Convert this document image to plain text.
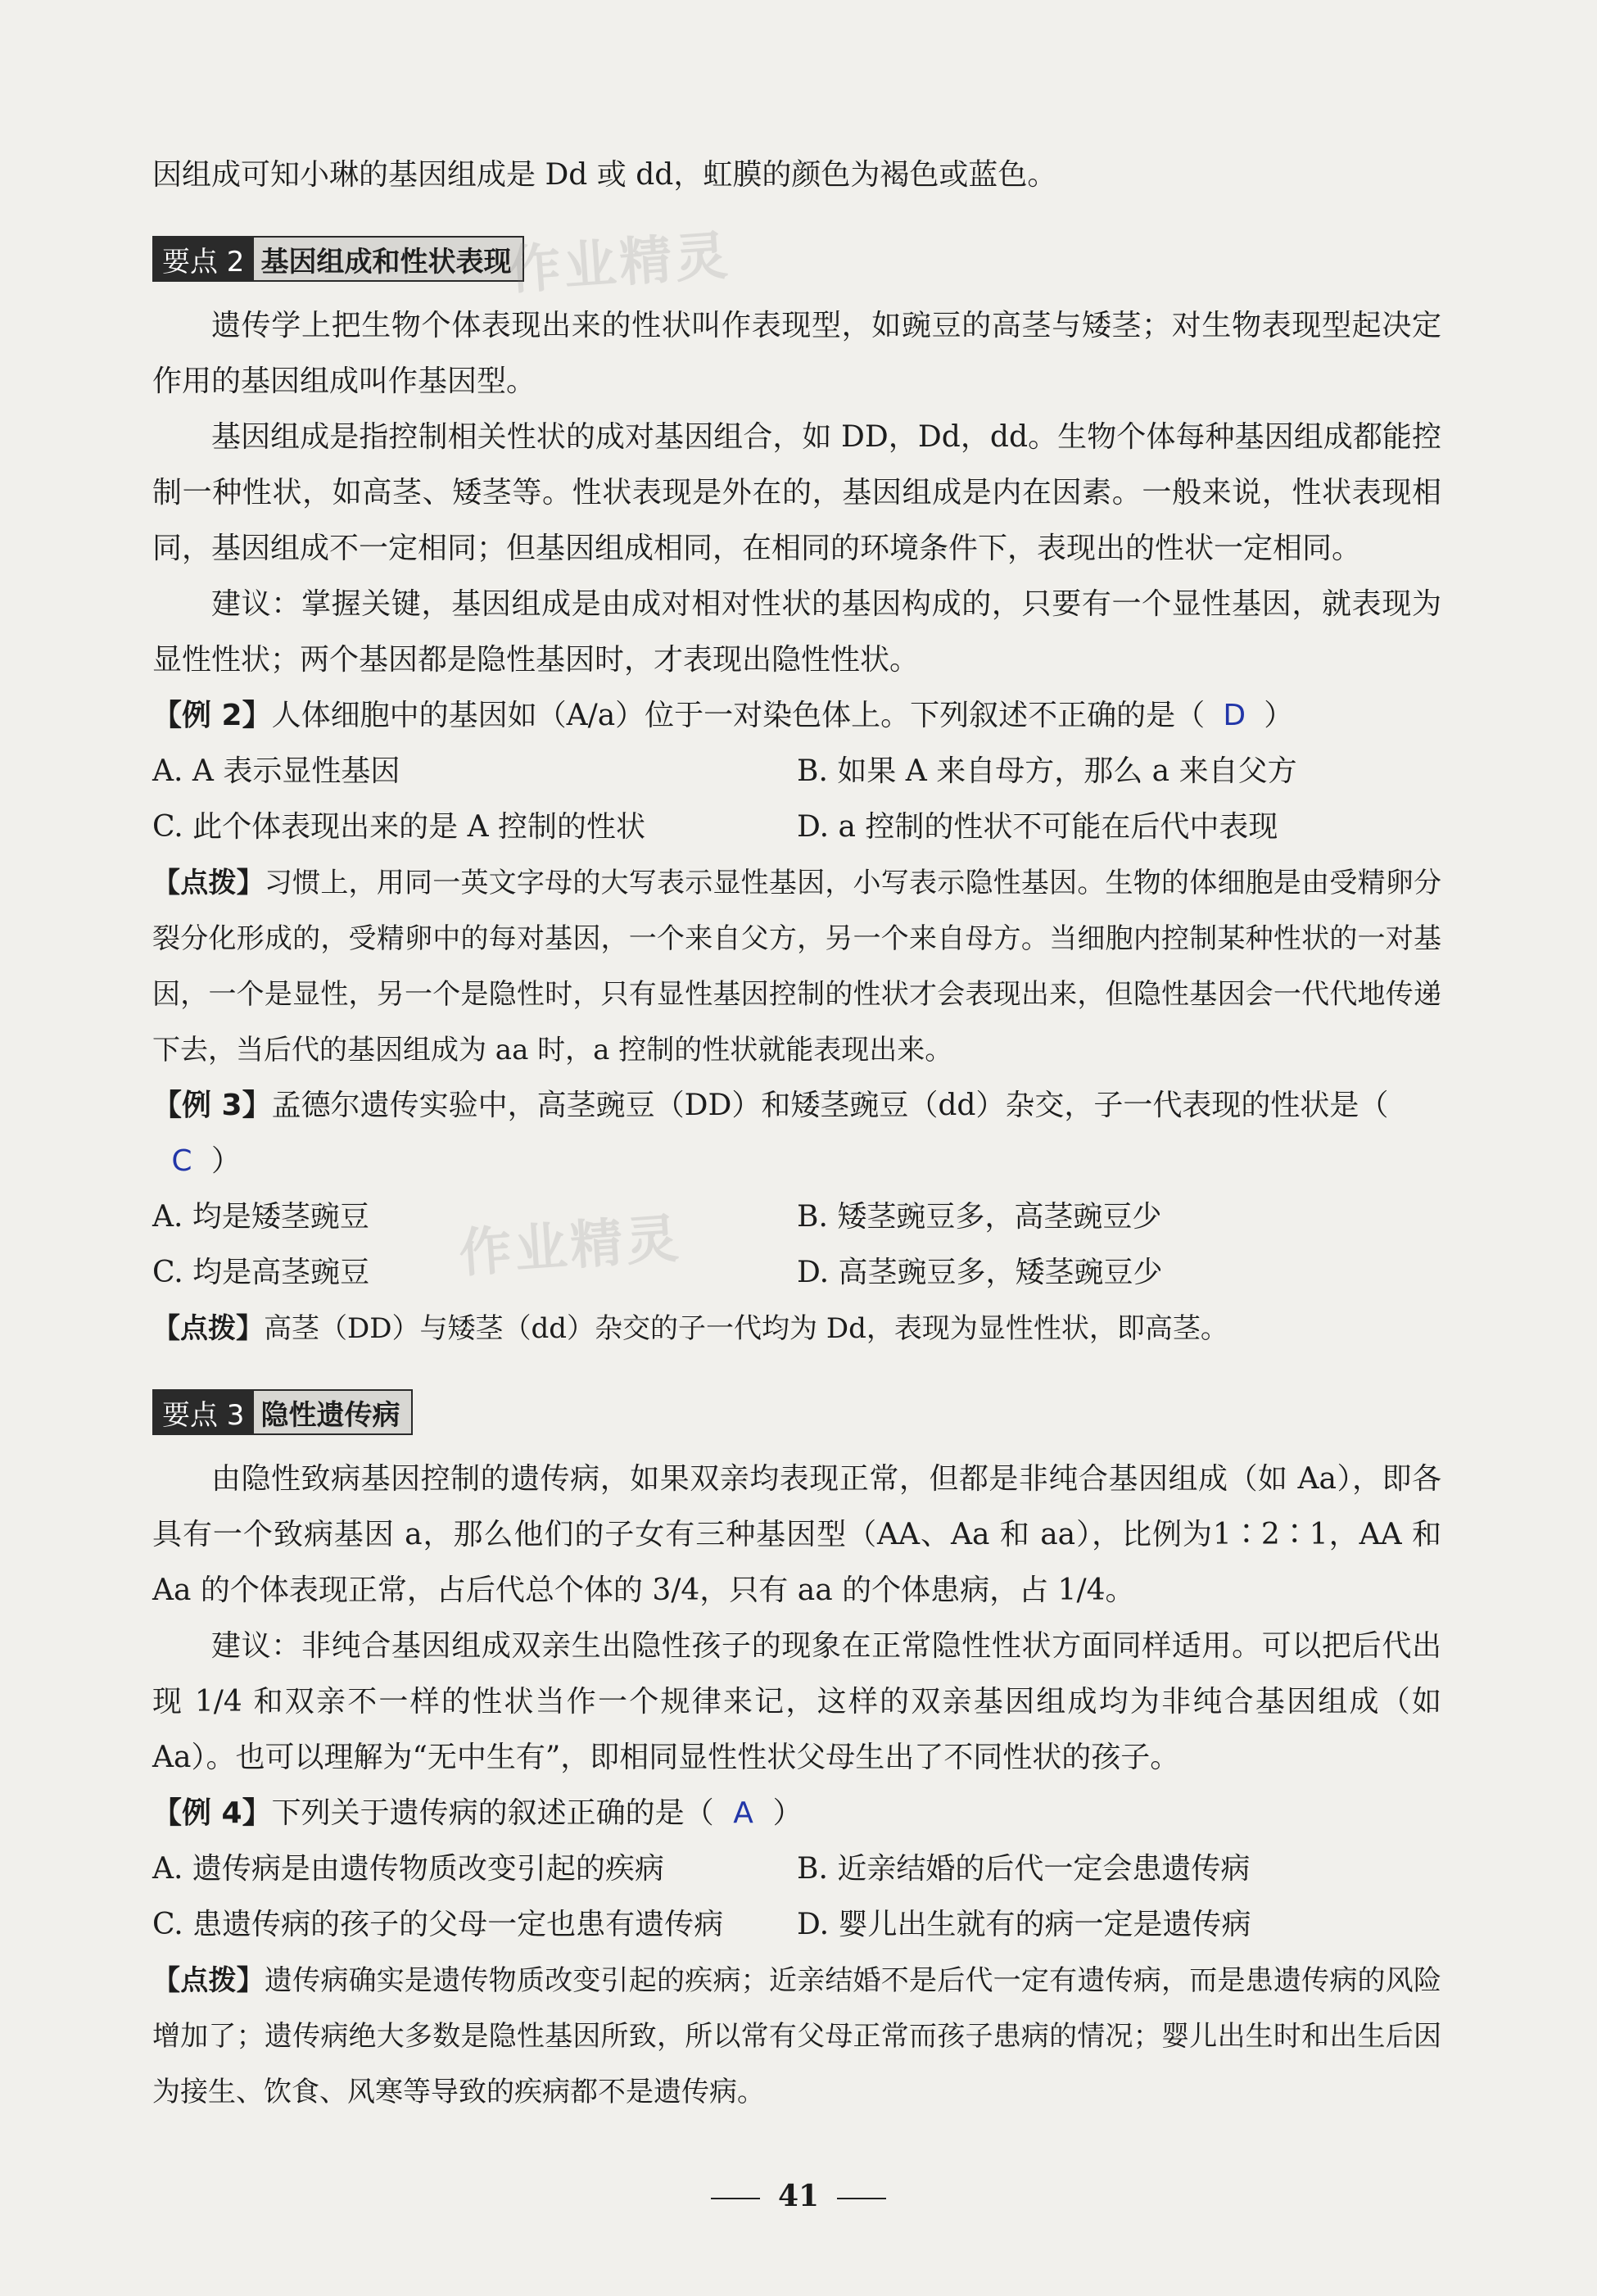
作业精灵
作业精灵

因组成可知小琳的基因组成是 Dd 或 dd，虹膜的颜色为褐色或蓝色。

要点 2 基因组成和性状表现

遗传学上把生物个体表现出来的性状叫作表现型，如豌豆的高茎与矮茎；对生物表现型起决定作用的基因组成叫作基因型。

基因组成是指控制相关性状的成对基因组合，如 DD，Dd，dd。生物个体每种基因组成都能控制一种性状，如高茎、矮茎等。性状表现是外在的，基因组成是内在因素。一般来说，性状表现相同，基因组成不一定相同；但基因组成相同，在相同的环境条件下，表现出的性状一定相同。

建议：掌握关键，基因组成是由成对相对性状的基因构成的，只要有一个显性基因，就表现为显性性状；两个基因都是隐性基因时，才表现出隐性性状。

【例 2】人体细胞中的基因如（A/a）位于一对染色体上。下列叙述不正确的是（ D ）

A. A 表示显性基因	B. 如果 A 来自母方，那么 a 来自父方
C. 此个体表现出来的是 A 控制的性状	D. a 控制的性状不可能在后代中表现

【点拨】习惯上，用同一英文字母的大写表示显性基因，小写表示隐性基因。生物的体细胞是由受精卵分裂分化形成的，受精卵中的每对基因，一个来自父方，另一个来自母方。当细胞内控制某种性状的一对基因，一个是显性，另一个是隐性时，只有显性基因控制的性状才会表现出来，但隐性基因会一代代地传递下去，当后代的基因组成为 aa 时，a 控制的性状就能表现出来。

【例 3】孟德尔遗传实验中，高茎豌豆（DD）和矮茎豌豆（dd）杂交，子一代表现的性状是（C ）

A. 均是矮茎豌豆	B. 矮茎豌豆多，高茎豌豆少
C. 均是高茎豌豆	D. 高茎豌豆多，矮茎豌豆少

【点拨】高茎（DD）与矮茎（dd）杂交的子一代均为 Dd，表现为显性性状，即高茎。

要点 3 隐性遗传病

由隐性致病基因控制的遗传病，如果双亲均表现正常，但都是非纯合基因组成（如 Aa），即各具有一个致病基因 a，那么他们的子女有三种基因型（AA、Aa 和 aa），比例为1∶2∶1，AA 和 Aa 的个体表现正常，占后代总个体的 3/4，只有 aa 的个体患病，占 1/4。

建议：非纯合基因组成双亲生出隐性孩子的现象在正常隐性性状方面同样适用。可以把后代出现 1/4 和双亲不一样的性状当作一个规律来记，这样的双亲基因组成均为非纯合基因组成（如 Aa）。也可以理解为“无中生有”，即相同显性性状父母生出了不同性状的孩子。

【例 4】下列关于遗传病的叙述正确的是（ A ）

A. 遗传病是由遗传物质改变引起的疾病	B. 近亲结婚的后代一定会患遗传病
C. 患遗传病的孩子的父母一定也患有遗传病	D. 婴儿出生就有的病一定是遗传病

【点拨】遗传病确实是遗传物质改变引起的疾病；近亲结婚不是后代一定有遗传病，而是患遗传病的风险增加了；遗传病绝大多数是隐性基因所致，所以常有父母正常而孩子患病的情况；婴儿出生时和出生后因为接生、饮食、风寒等导致的疾病都不是遗传病。

41
